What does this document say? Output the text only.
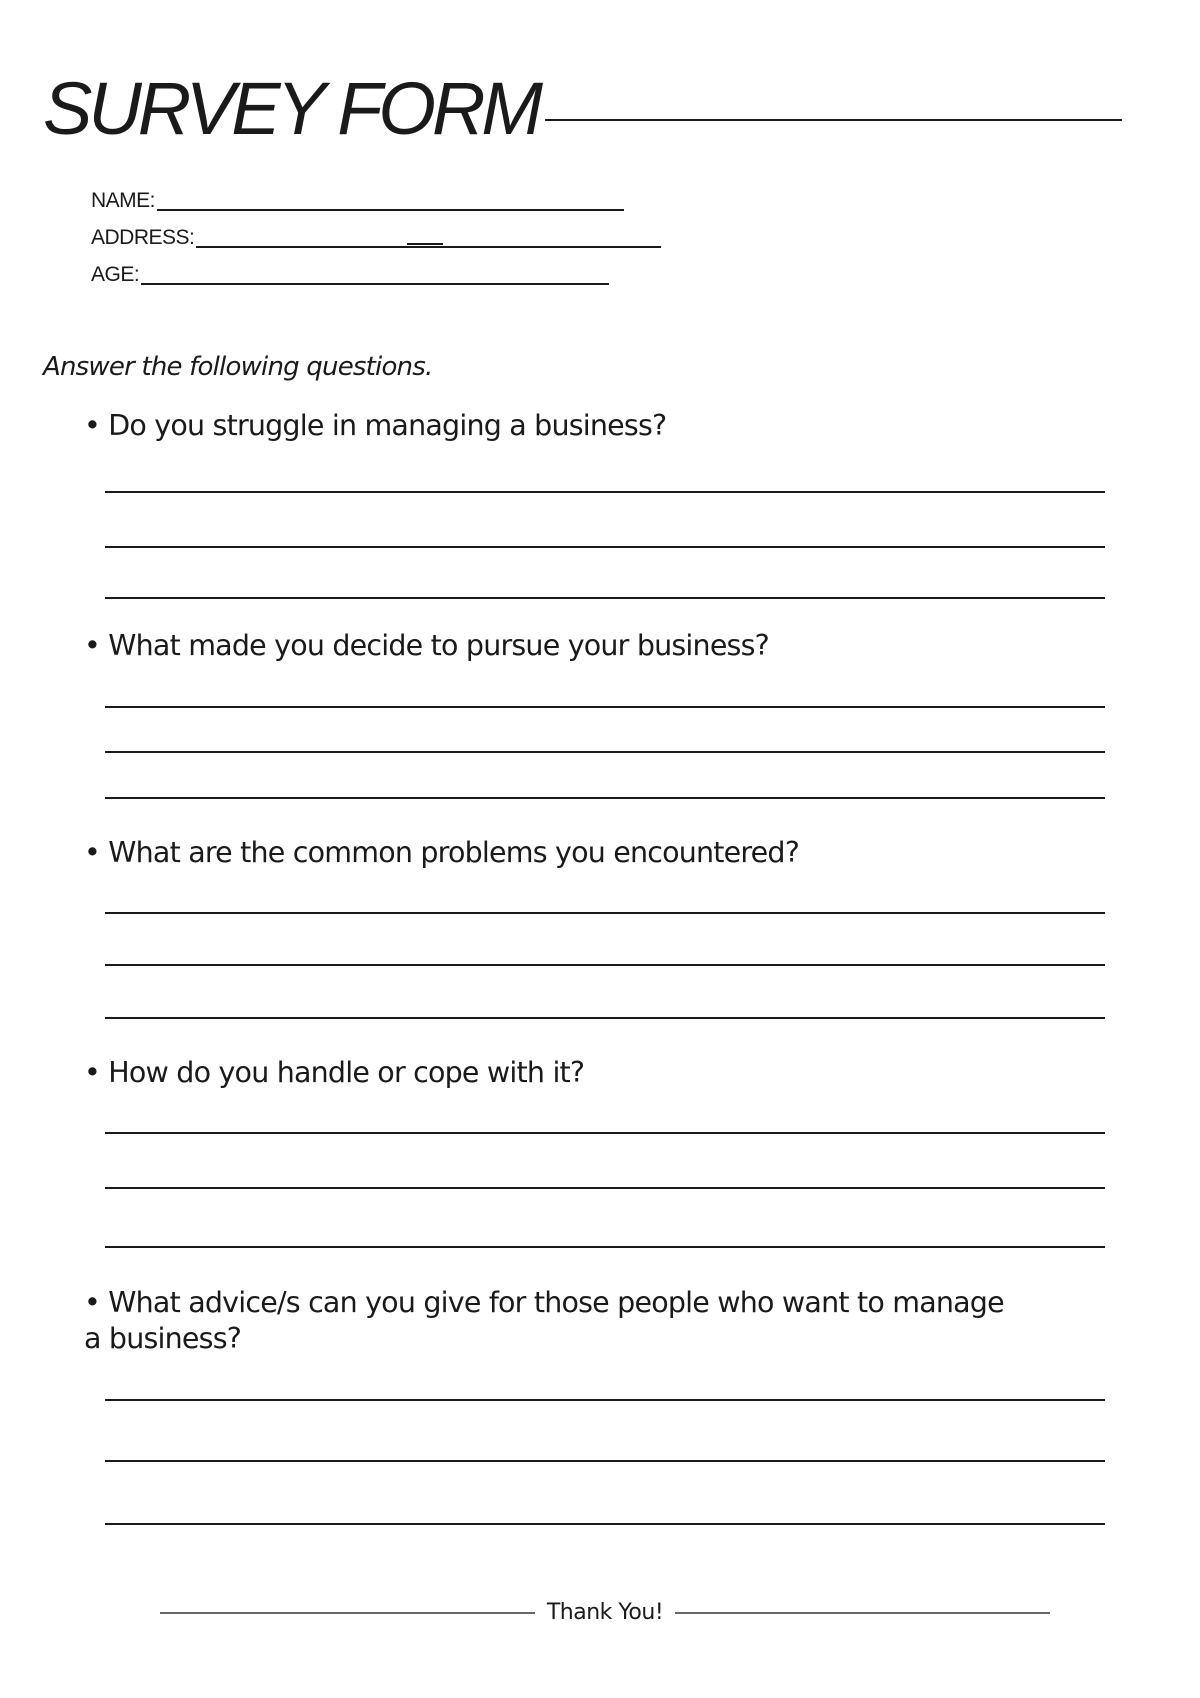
SURVEY FORM
NAME:
ADDRESS:
AGE:
Answer the following questions.
• Do you struggle in managing a business?
• What made you decide to pursue your business?
• What are the common problems you encountered?
• How do you handle or cope with it?
• What advice/s can you give for those people who want to manage a business?
Thank You!
